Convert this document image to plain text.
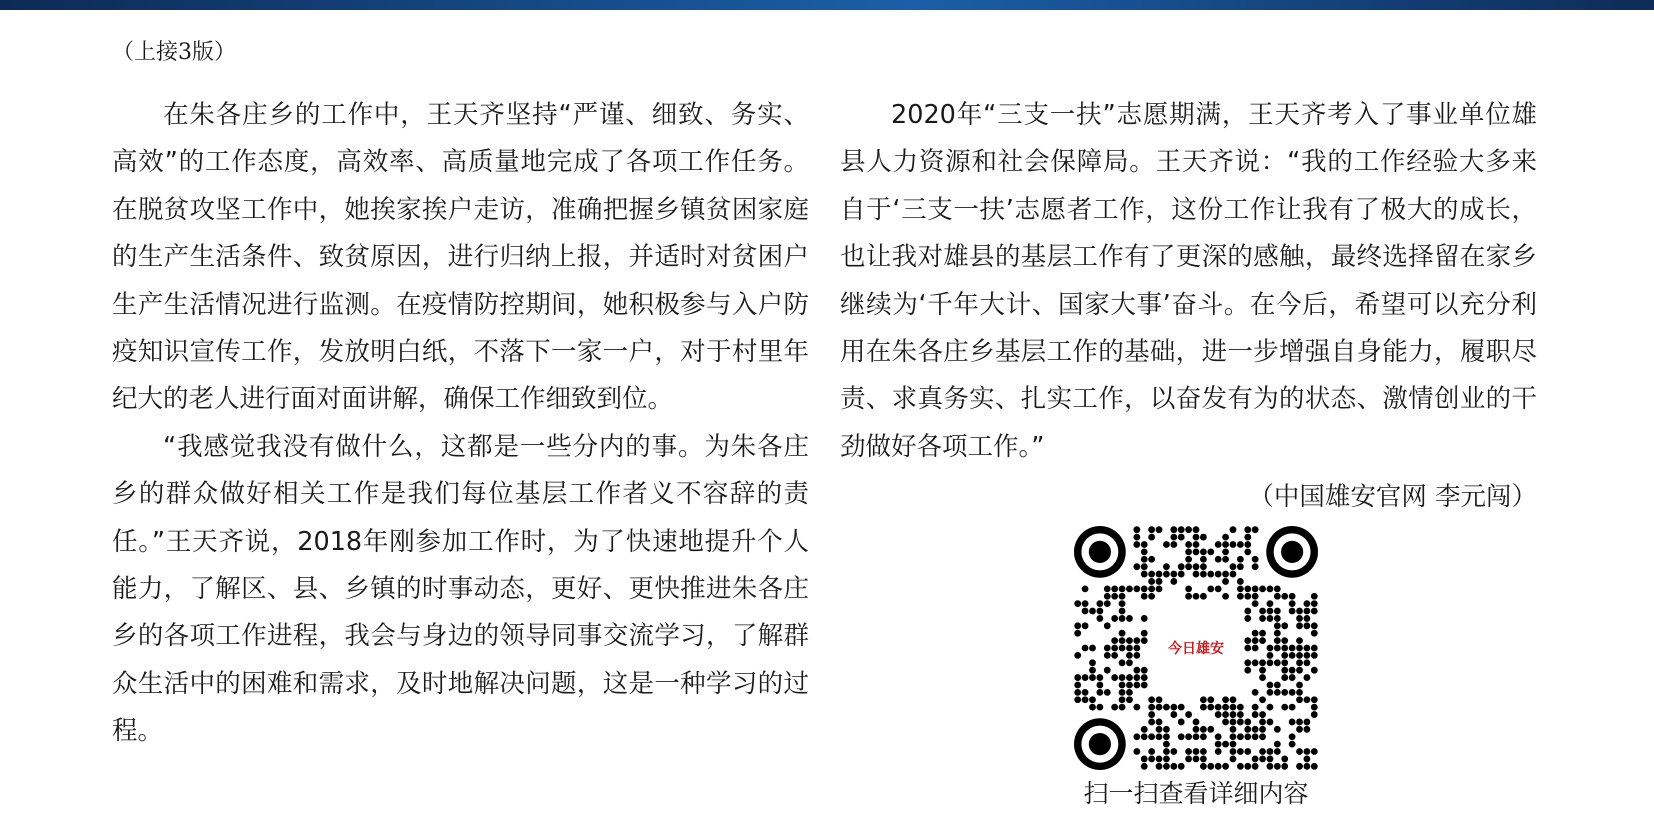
（上接3版）

在朱各庄乡的工作中，王天齐坚持“严谨、细致、务实、高效”的工作态度，高效率、高质量地完成了各项工作任务。在脱贫攻坚工作中，她挨家挨户走访，准确把握乡镇贫困家庭的生产生活条件、致贫原因，进行归纳上报，并适时对贫困户生产生活情况进行监测。在疫情防控期间，她积极参与入户防疫知识宣传工作，发放明白纸，不落下一家一户，对于村里年纪大的老人进行面对面讲解，确保工作细致到位。

“我感觉我没有做什么，这都是一些分内的事。为朱各庄乡的群众做好相关工作是我们每位基层工作者义不容辞的责任。”王天齐说，2018年刚参加工作时，为了快速地提升个人能力，了解区、县、乡镇的时事动态，更好、更快推进朱各庄乡的各项工作进程，我会与身边的领导同事交流学习，了解群众生活中的困难和需求，及时地解决问题，这是一种学习的过程。

2020年“三支一扶”志愿期满，王天齐考入了事业单位雄县人力资源和社会保障局。王天齐说：“我的工作经验大多来自于‘三支一扶’志愿者工作，这份工作让我有了极大的成长，也让我对雄县的基层工作有了更深的感触，最终选择留在家乡继续为‘千年大计、国家大事’奋斗。在今后，希望可以充分利用在朱各庄乡基层工作的基础，进一步增强自身能力，履职尽责、求真务实、扎实工作，以奋发有为的状态、激情创业的干劲做好各项工作。”

（中国雄安官网 李元闯）
今日雄安
扫一扫查看详细内容
